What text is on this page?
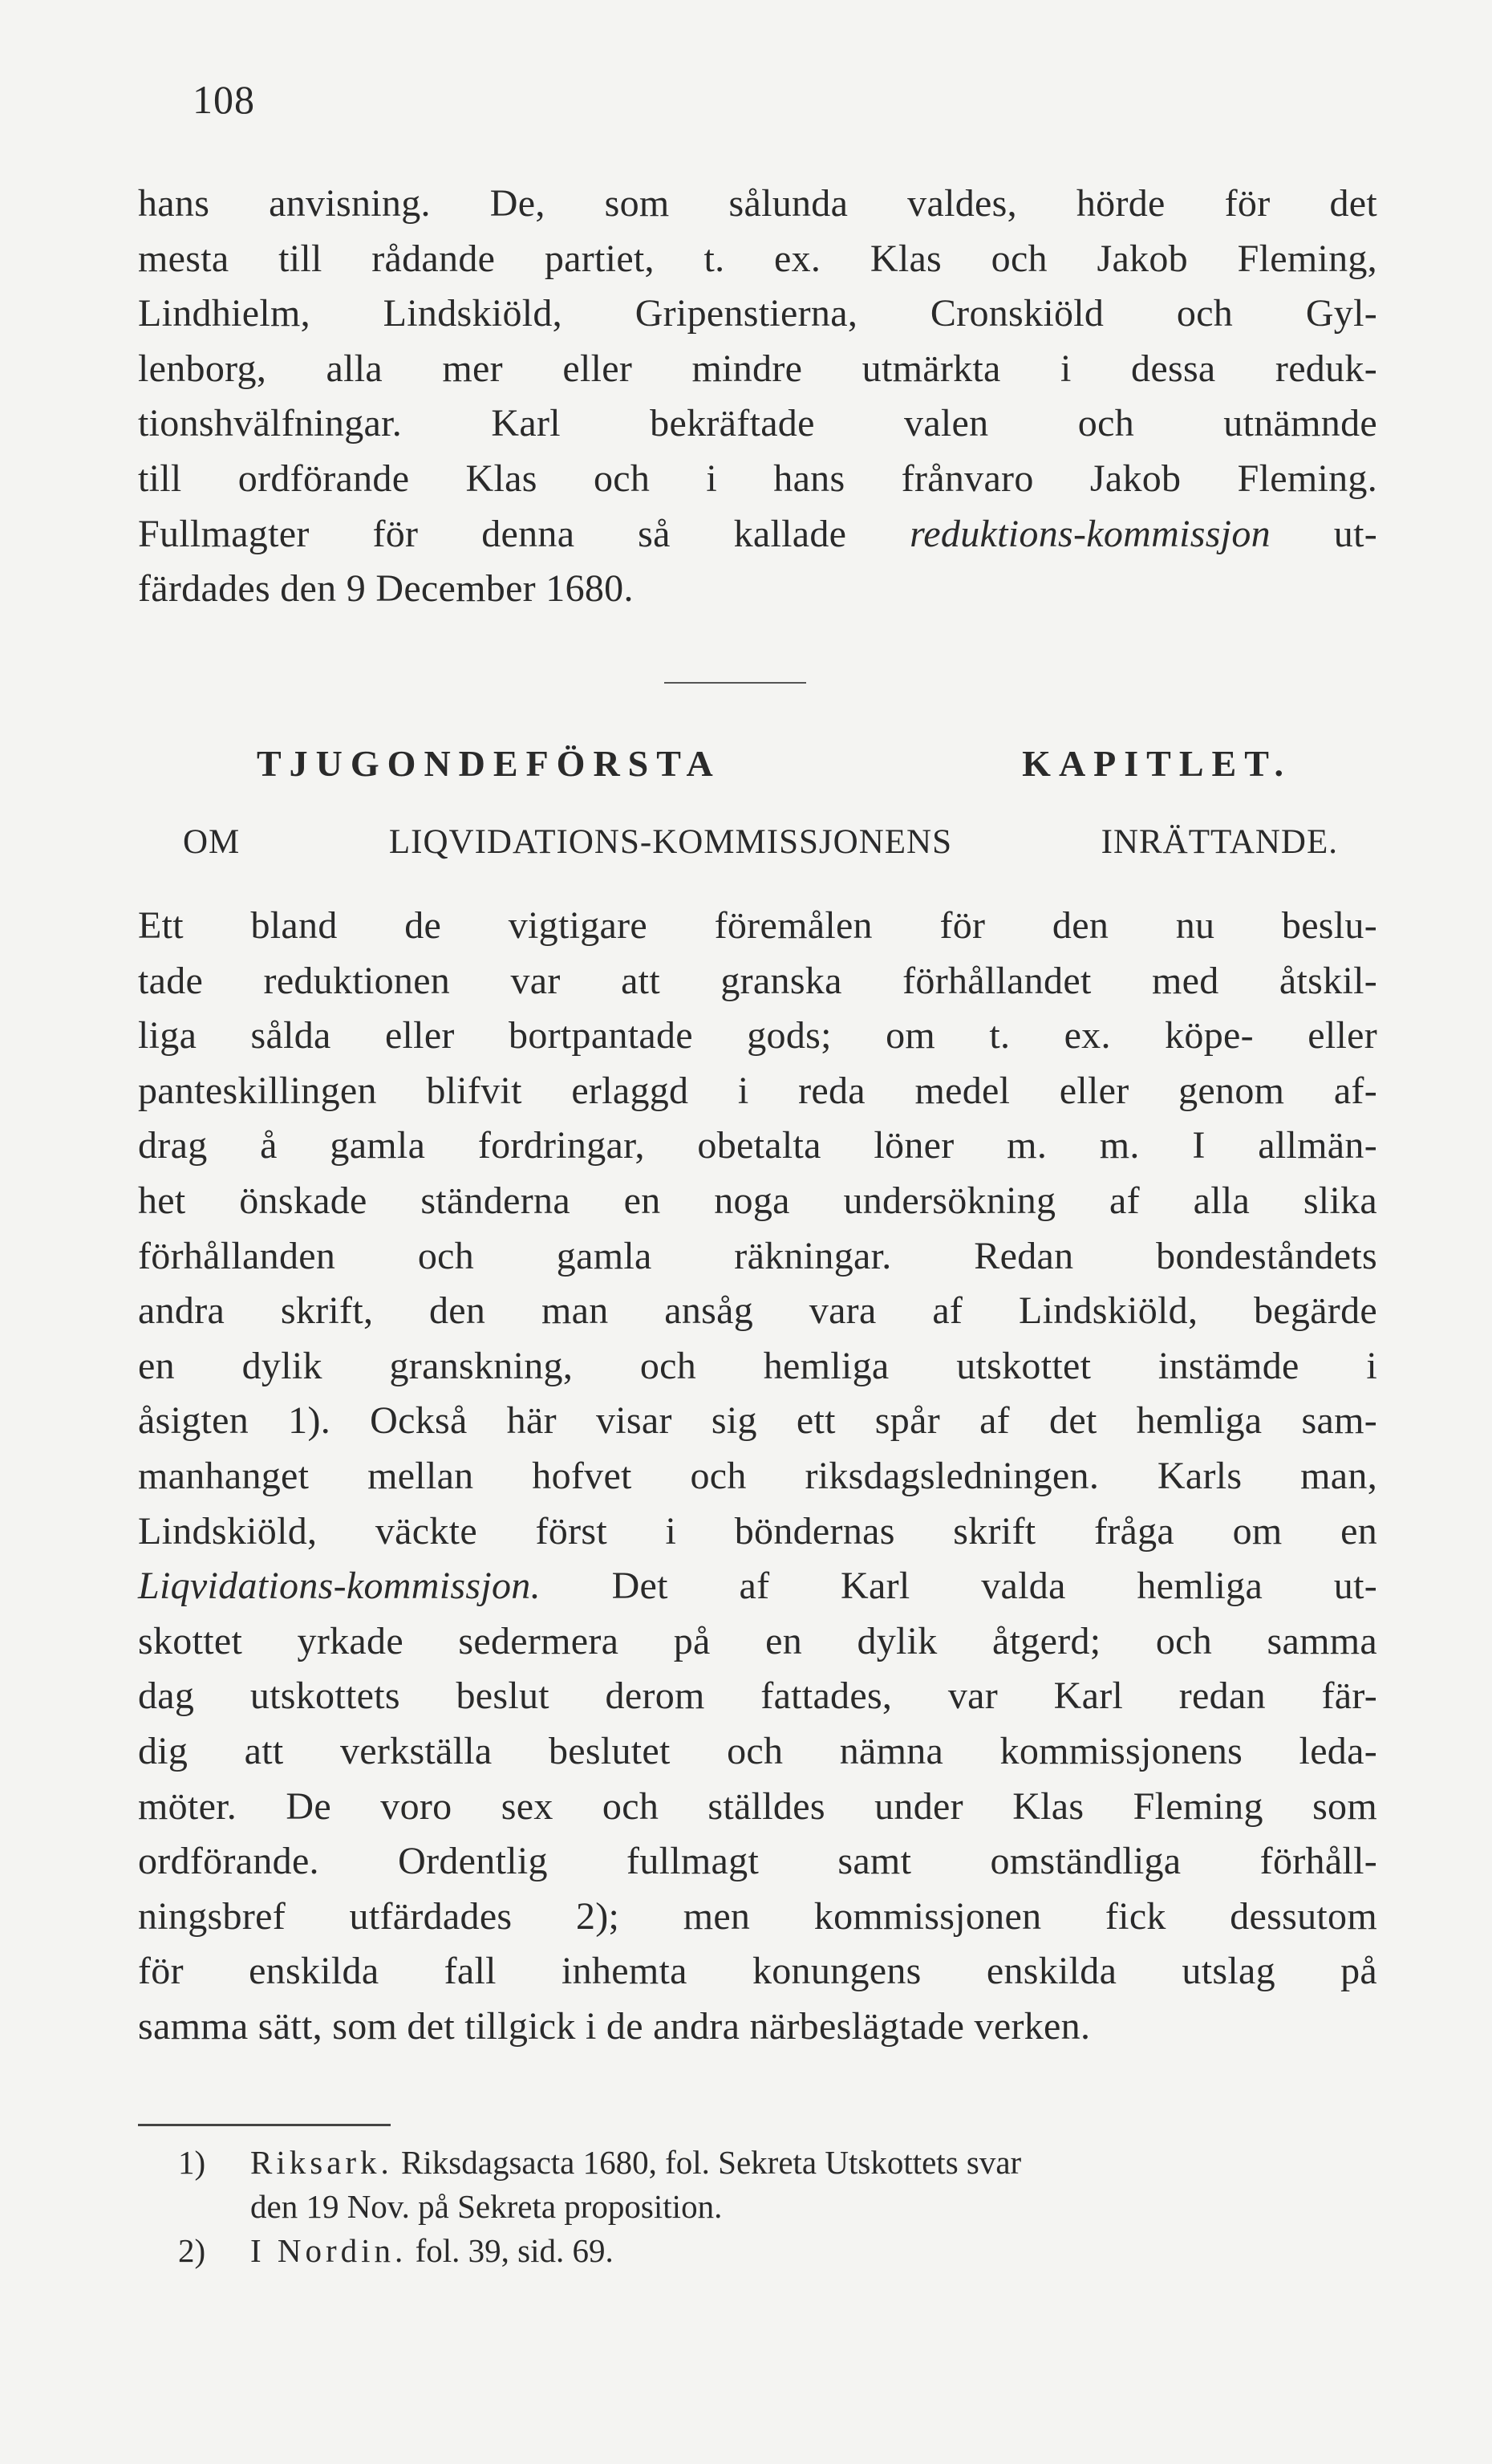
108
hans anvisning. De, som sålunda valdes, hörde för det
mesta till rådande partiet, t. ex. Klas och Jakob Fleming,
Lindhielm, Lindskiöld, Gripenstierna, Cronskiöld och Gyl-
lenborg, alla mer eller mindre utmärkta i dessa reduk-
tionshvälfningar. Karl bekräftade valen och utnämnde
till ordförande Klas och i hans frånvaro Jakob Fleming.
Fullmagter för denna så kallade reduktions-kommissjon ut-
färdades den 9 December 1680.
TJUGONDEFÖRSTA KAPITLET.
OM LIQVIDATIONS-KOMMISSJONENS INRÄTTANDE.
Ett bland de vigtigare föremålen för den nu beslu-
tade reduktionen var att granska förhållandet med åtskil-
liga sålda eller bortpantade gods; om t. ex. köpe- eller
panteskillingen blifvit erlaggd i reda medel eller genom af-
drag å gamla fordringar, obetalta löner m. m. I allmän-
het önskade ständerna en noga undersökning af alla slika
förhållanden och gamla räkningar. Redan bondeståndets
andra skrift, den man ansåg vara af Lindskiöld, begärde
en dylik granskning, och hemliga utskottet instämde i
åsigten 1). Också här visar sig ett spår af det hemliga sam-
manhanget mellan hofvet och riksdagsledningen. Karls man,
Lindskiöld, väckte först i böndernas skrift fråga om en
Liqvidations-kommissjon. Det af Karl valda hemliga ut-
skottet yrkade sedermera på en dylik åtgerd; och samma
dag utskottets beslut derom fattades, var Karl redan fär-
dig att verkställa beslutet och nämna kommissjonens leda-
möter. De voro sex och ställdes under Klas Fleming som
ordförande. Ordentlig fullmagt samt omständliga förhåll-
ningsbref utfärdades 2); men kommissjonen fick dessutom
för enskilda fall inhemta konungens enskilda utslag på
samma sätt, som det tillgick i de andra närbeslägtade verken.
1) Riksark. Riksdagsacta 1680, fol. Sekreta Utskottets svar
den 19 Nov. på Sekreta proposition.
2) I Nordin. fol. 39, sid. 69.
